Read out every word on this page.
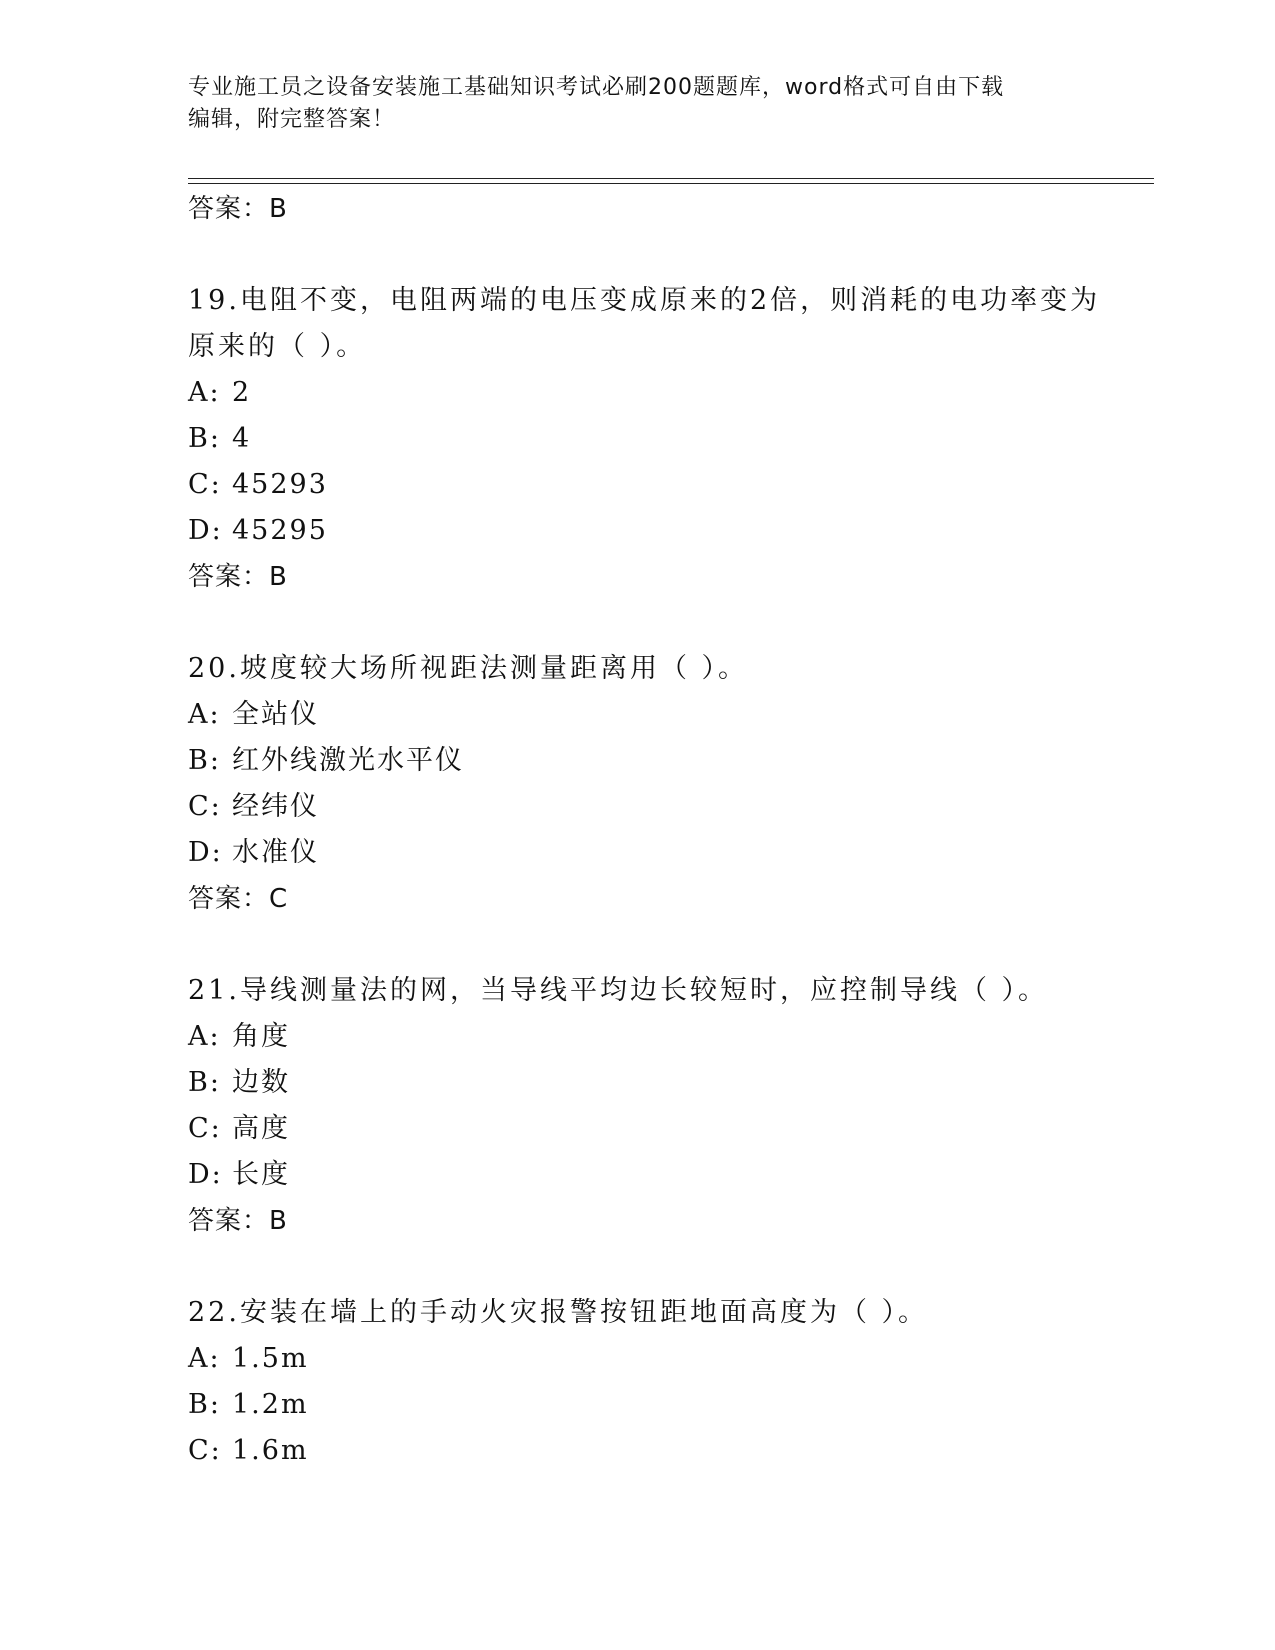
专业施工员之设备安装施工基础知识考试必刷200题题库，word格式可自由下载
编辑，附完整答案！
答案：B
19.电阻不变，电阻两端的电压变成原来的2倍，则消耗的电功率变为
原来的（ ）。
A: 2
B: 4
C: 45293
D: 45295
答案：B
20.坡度较大场所视距法测量距离用（ ）。
A: 全站仪
B: 红外线激光水平仪
C: 经纬仪
D: 水准仪
答案：C
21.导线测量法的网，当导线平均边长较短时，应控制导线（ ）。
A: 角度
B: 边数
C: 高度
D: 长度
答案：B
22.安装在墙上的手动火灾报警按钮距地面高度为（ ）。
A: 1.5m
B: 1.2m
C: 1.6m
